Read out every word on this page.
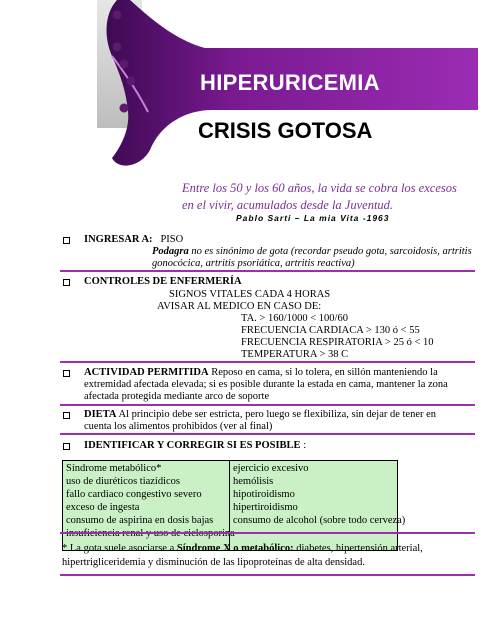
HIPERURICEMIA
CRISIS GOTOSA
Entre los 50 y los 60 años, la vida se cobra los excesos
en el vivir, acumulados desde la Juventud.
Pablo Sarti – La mia Vita -1963
INGRESAR A: PISO
Podagra no es sinónimo de gota (recordar pseudo gota, sarcoidosis, artritis
gonocócica, artritis psoriática, artritis reactiva)
CONTROLES DE ENFERMERÍA
SIGNOS VITALES CADA 4 HORAS
AVISAR AL MEDICO EN CASO DE:
TA. > 160/1000 < 100/60
FRECUENCIA CARDIACA > 130 ó < 55
FRECUENCIA RESPIRATORIA > 25 ó < 10
TEMPERATURA > 38 C
ACTIVIDAD PERMITIDA Reposo en cama, si lo tolera, en sillón manteniendo la
extremidad afectada elevada; si es posible durante la estada en cama, mantener la zona
afectada protegida mediante arco de soporte
DIETA Al principio debe ser estricta, pero luego se flexibiliza, sin dejar de tener en
cuenta los alimentos prohibidos (ver al final)
IDENTIFICAR Y CORREGIR SI ES POSIBLE :
Síndrome metabólico*
uso de diuréticos tiazídicos
fallo cardiaco congestivo severo
exceso de ingesta
consumo de aspirina en dosis bajas
ejercicio excesivo
hemólisis
hipotiroidismo
hipertiroidismo
consumo de alcohol (sobre todo cerveza)
* La gota suele asociarse a Síndrome X o metabólico: diabetes, hipertensión arterial, hipertrigliceridemia y disminución de las lipoproteínas de alta densidad.
